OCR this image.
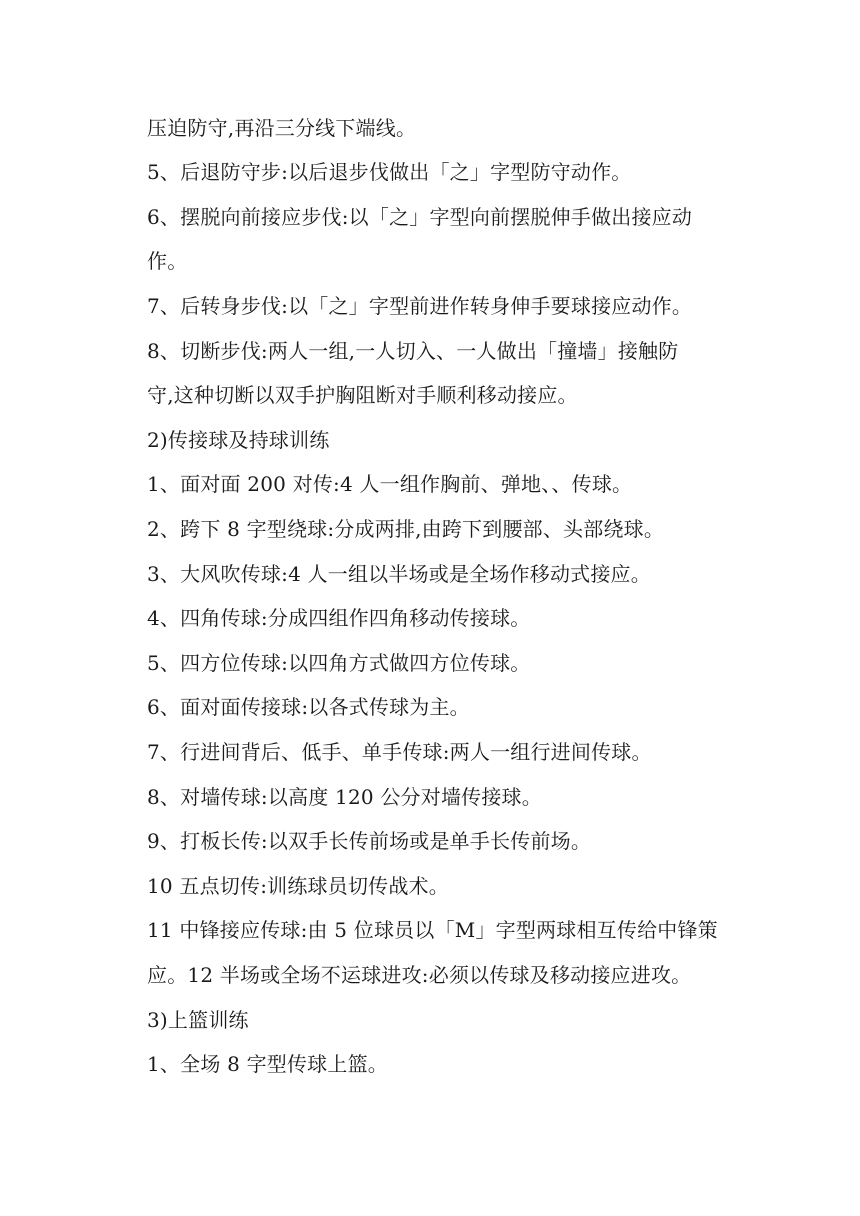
压迫防守,再沿三分线下端线。
5、后退防守步:以后退步伐做出「之」字型防守动作。
6、摆脱向前接应步伐:以「之」字型向前摆脱伸手做出接应动
作。
7、后转身步伐:以「之」字型前进作转身伸手要球接应动作。
8、切断步伐:两人一组,一人切入、一人做出「撞墙」接触防
守,这种切断以双手护胸阻断对手顺利移动接应。
2)传接球及持球训练
1、面对面 200 对传:4 人一组作胸前、弹地、、传球。
2、跨下 8 字型绕球:分成两排,由跨下到腰部、头部绕球。
3、大风吹传球:4 人一组以半场或是全场作移动式接应。
4、四角传球:分成四组作四角移动传接球。
5、四方位传球:以四角方式做四方位传球。
6、面对面传接球:以各式传球为主。
7、行进间背后、低手、单手传球:两人一组行进间传球。
8、对墙传球:以高度 120 公分对墙传接球。
9、打板长传:以双手长传前场或是单手长传前场。
10 五点切传:训练球员切传战术。
11 中锋接应传球:由 5 位球员以「M」字型两球相互传给中锋策
应。12 半场或全场不运球进攻:必须以传球及移动接应进攻。
3)上篮训练
1、全场 8 字型传球上篮。
